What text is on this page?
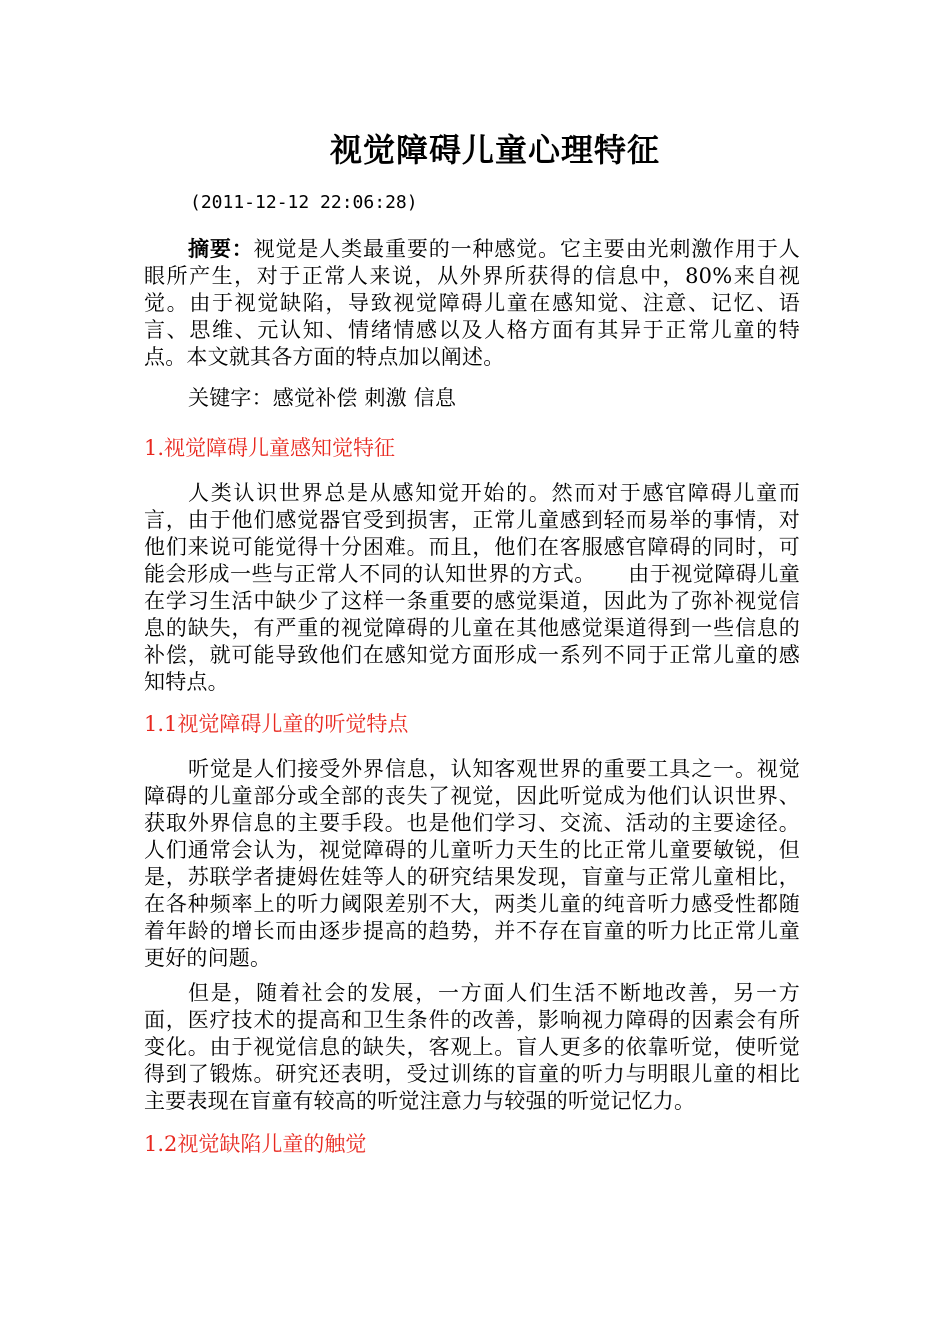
视觉障碍儿童心理特征
(2011-12-12 22:06:28)

摘要：视觉是人类最重要的一种感觉。它主要由光刺激作用于人眼所产生，对于正常人来说，从外界所获得的信息中，80%来自视觉。由于视觉缺陷，导致视觉障碍儿童在感知觉、注意、记忆、语言、思维、元认知、情绪情感以及人格方面有其异于正常儿童的特点。本文就其各方面的特点加以阐述。

关键字：感觉补偿 刺激 信息

1.视觉障碍儿童感知觉特征

人类认识世界总是从感知觉开始的。然而对于感官障碍儿童而言，由于他们感觉器官受到损害，正常儿童感到轻而易举的事情，对他们来说可能觉得十分困难。而且，他们在客服感官障碍的同时，可能会形成一些与正常人不同的认知世界的方式。　　由于视觉障碍儿童在学习生活中缺少了这样一条重要的感觉渠道，因此为了弥补视觉信息的缺失，有严重的视觉障碍的儿童在其他感觉渠道得到一些信息的补偿，就可能导致他们在感知觉方面形成一系列不同于正常儿童的感知特点。

1.1视觉障碍儿童的听觉特点

听觉是人们接受外界信息，认知客观世界的重要工具之一。视觉障碍的儿童部分或全部的丧失了视觉，因此听觉成为他们认识世界、获取外界信息的主要手段。也是他们学习、交流、活动的主要途径。人们通常会认为，视觉障碍的儿童听力天生的比正常儿童要敏锐，但是，苏联学者捷姆佐娃等人的研究结果发现，盲童与正常儿童相比，在各种频率上的听力阈限差别不大，两类儿童的纯音听力感受性都随着年龄的增长而由逐步提高的趋势，并不存在盲童的听力比正常儿童更好的问题。

但是，随着社会的发展，一方面人们生活不断地改善，另一方面，医疗技术的提高和卫生条件的改善，影响视力障碍的因素会有所变化。由于视觉信息的缺失，客观上。盲人更多的依靠听觉，使听觉得到了锻炼。研究还表明，受过训练的盲童的听力与明眼儿童的相比主要表现在盲童有较高的听觉注意力与较强的听觉记忆力。

1.2视觉缺陷儿童的触觉
